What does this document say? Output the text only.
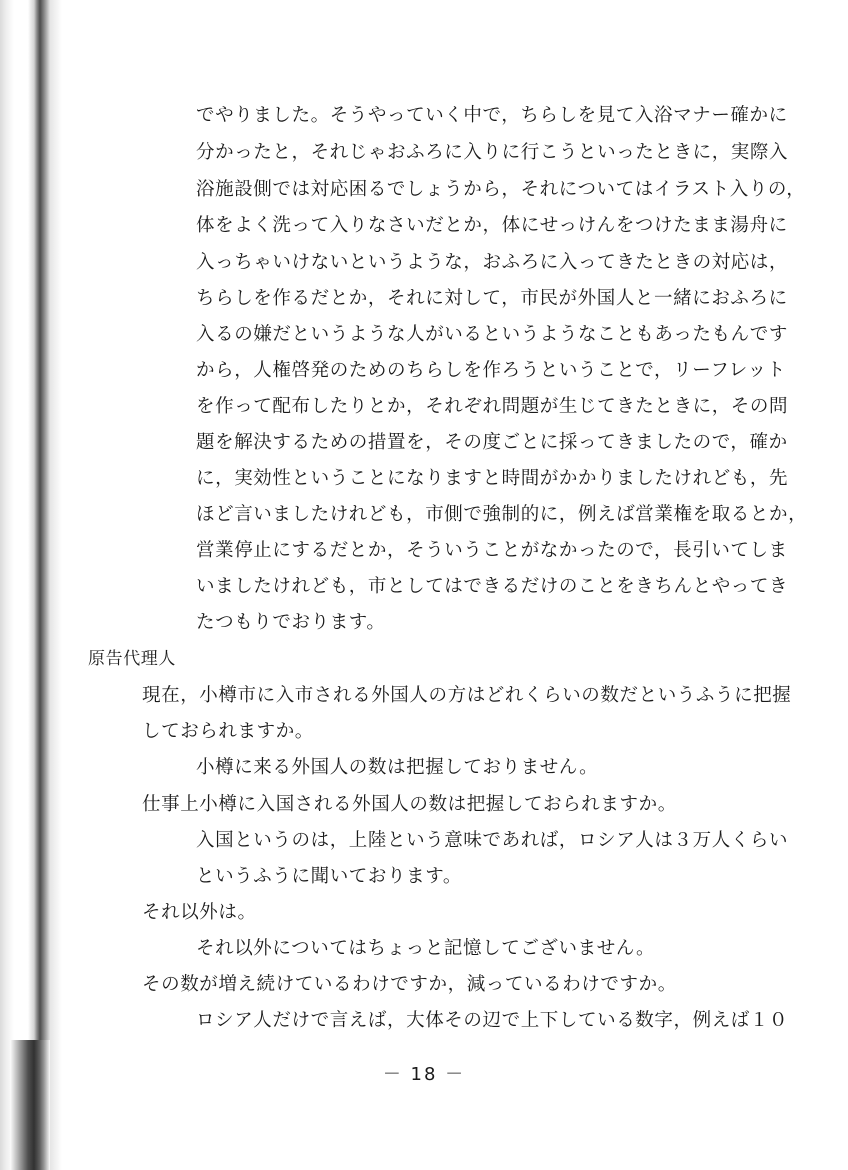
でやりました。そうやっていく中で，ちらしを見て入浴マナー確かに
分かったと，それじゃおふろに入りに行こうといったときに，実際入
浴施設側では対応困るでしょうから，それについてはイラスト入りの，
体をよく洗って入りなさいだとか，体にせっけんをつけたまま湯舟に
入っちゃいけないというような，おふろに入ってきたときの対応は，
ちらしを作るだとか，それに対して，市民が外国人と一緒におふろに
入るの嫌だというような人がいるというようなこともあったもんです
から，人権啓発のためのちらしを作ろうということで，リーフレット
を作って配布したりとか，それぞれ問題が生じてきたときに，その問
題を解決するための措置を，その度ごとに採ってきましたので，確か
に，実効性ということになりますと時間がかかりましたけれども，先
ほど言いましたけれども，市側で強制的に，例えば営業権を取るとか，
営業停止にするだとか，そういうことがなかったので，長引いてしま
いましたけれども，市としてはできるだけのことをきちんとやってき
たつもりでおります。
原告代理人
現在，小樽市に入市される外国人の方はどれくらいの数だというふうに把握
しておられますか。
小樽に来る外国人の数は把握しておりません。
仕事上小樽に入国される外国人の数は把握しておられますか。
入国というのは，上陸という意味であれば，ロシア人は３万人くらい
というふうに聞いております。
それ以外は。
それ以外についてはちょっと記憶してございません。
その数が増え続けているわけですか，減っているわけですか。
ロシア人だけで言えば，大体その辺で上下している数字，例えば１０
－ 18 －
